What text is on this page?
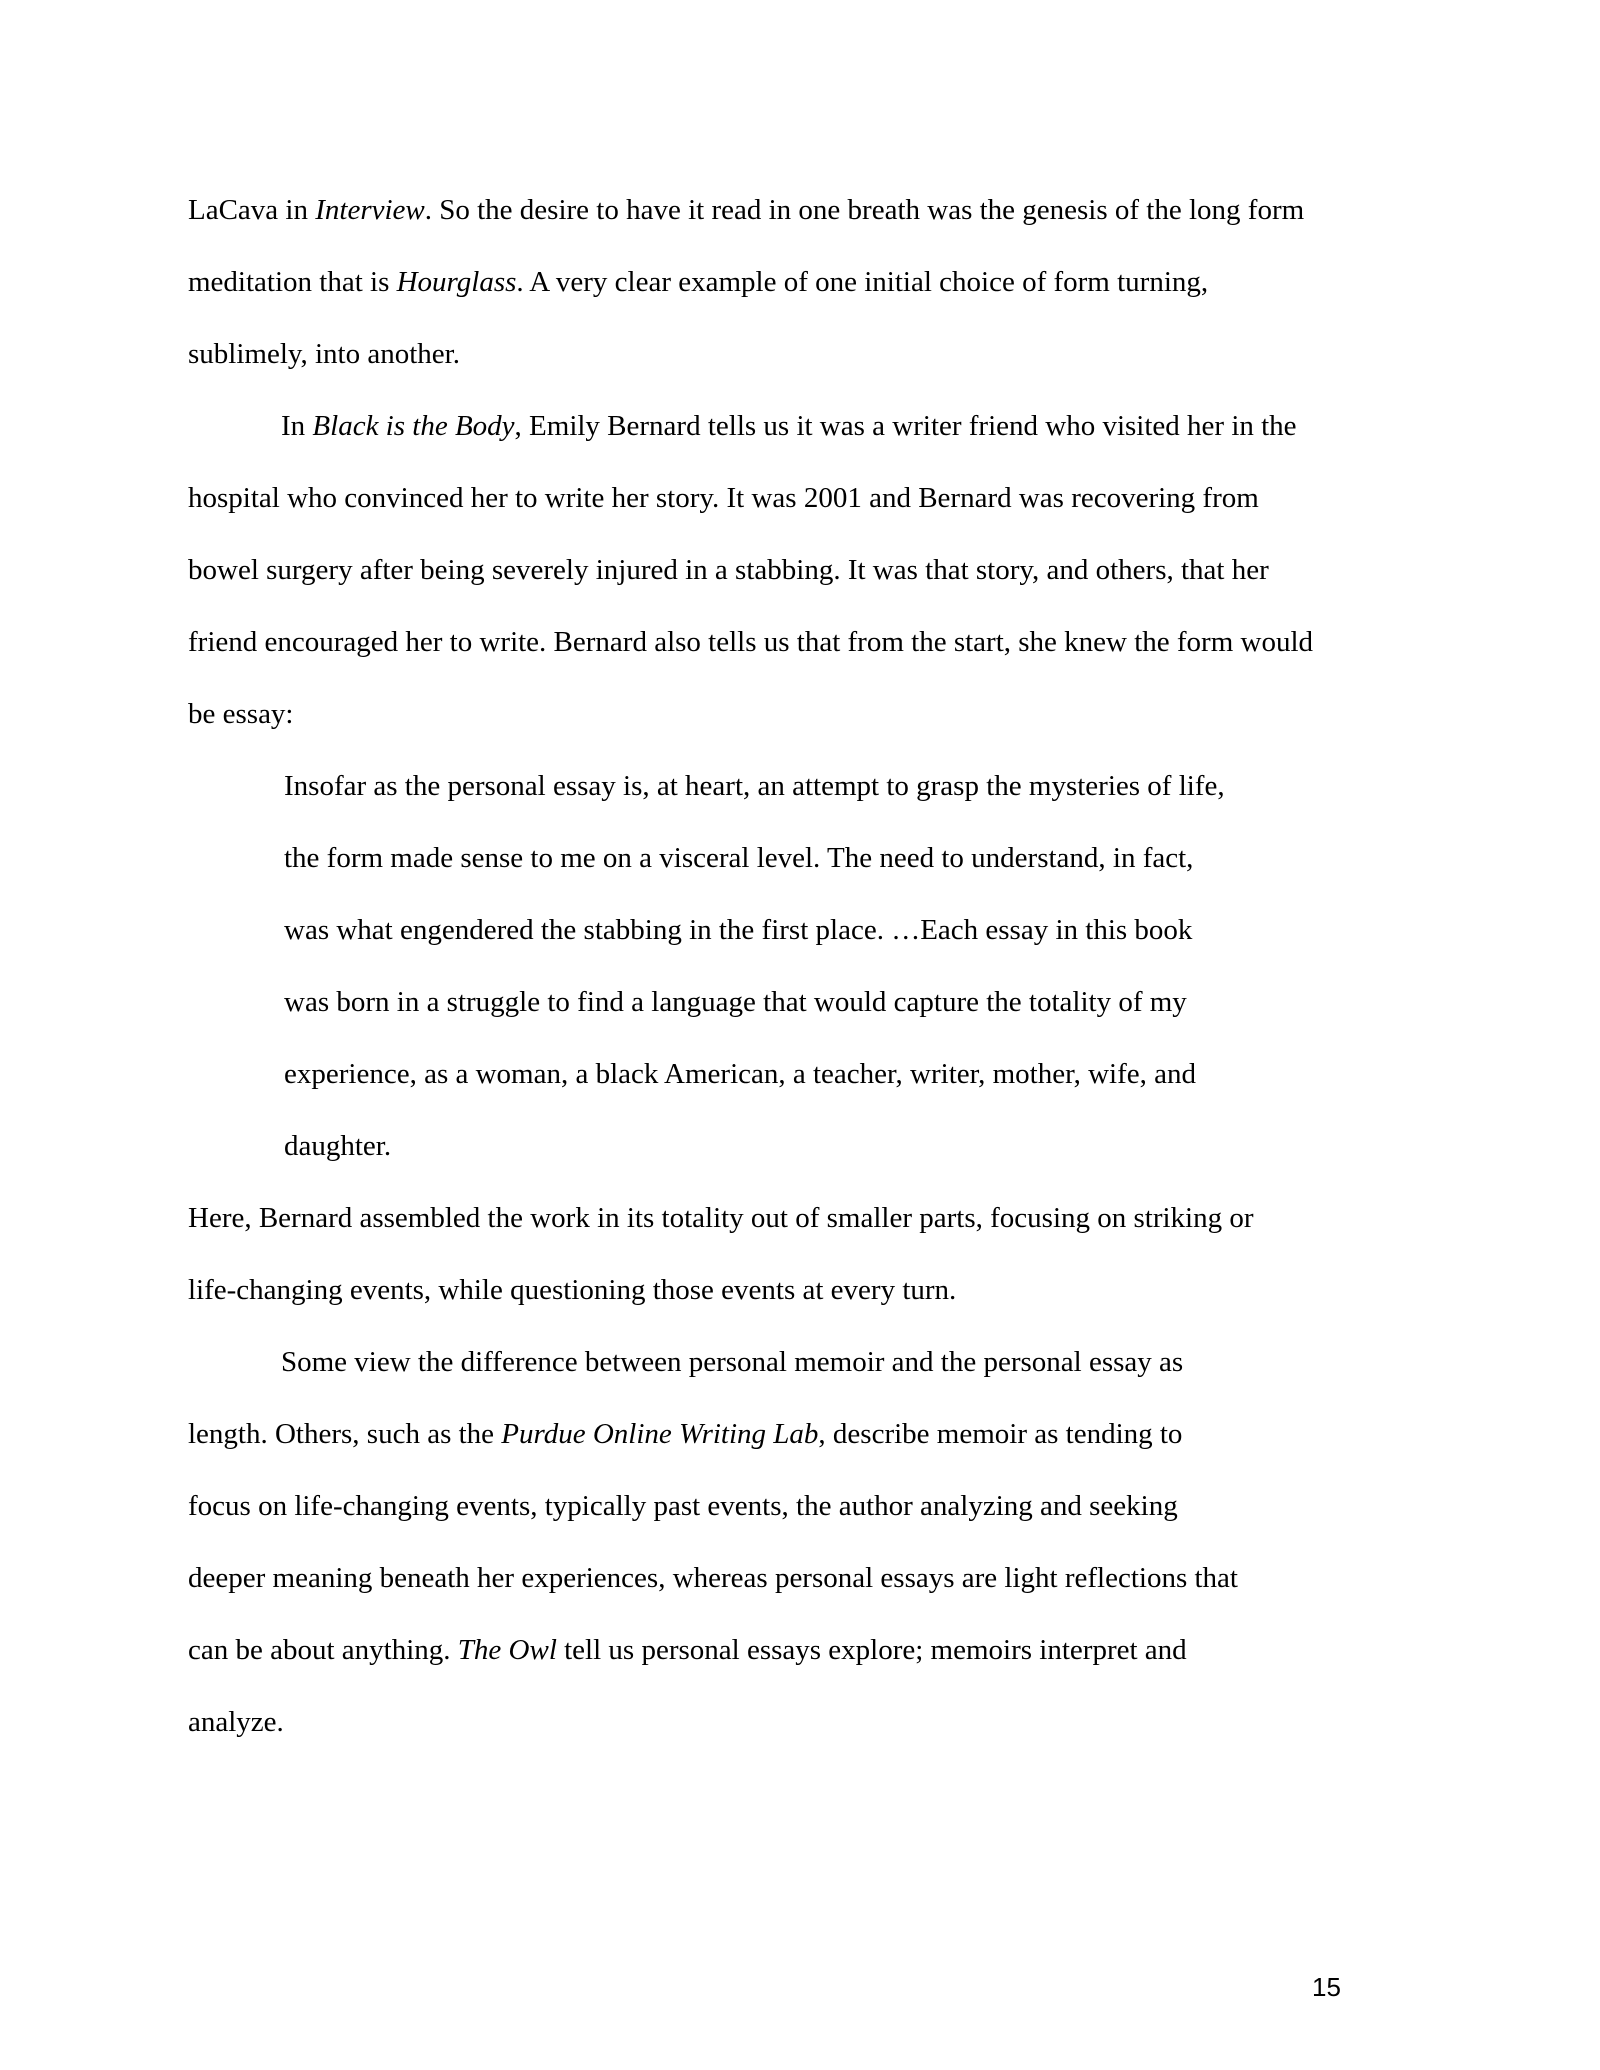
LaCava in Interview. So the desire to have it read in one breath was the genesis of the long form
meditation that is Hourglass. A very clear example of one initial choice of form turning,
sublimely, into another.
In Black is the Body, Emily Bernard tells us it was a writer friend who visited her in the
hospital who convinced her to write her story. It was 2001 and Bernard was recovering from
bowel surgery after being severely injured in a stabbing. It was that story, and others, that her
friend encouraged her to write. Bernard also tells us that from the start, she knew the form would
be essay:
Insofar as the personal essay is, at heart, an attempt to grasp the mysteries of life,
the form made sense to me on a visceral level. The need to understand, in fact,
was what engendered the stabbing in the first place. …Each essay in this book
was born in a struggle to find a language that would capture the totality of my
experience, as a woman, a black American, a teacher, writer, mother, wife, and
daughter.
Here, Bernard assembled the work in its totality out of smaller parts, focusing on striking or
life-changing events, while questioning those events at every turn.
Some view the difference between personal memoir and the personal essay as
length. Others, such as the Purdue Online Writing Lab, describe memoir as tending to
focus on life-changing events, typically past events, the author analyzing and seeking
deeper meaning beneath her experiences, whereas personal essays are light reflections that
can be about anything. The Owl tell us personal essays explore; memoirs interpret and
analyze.
15
